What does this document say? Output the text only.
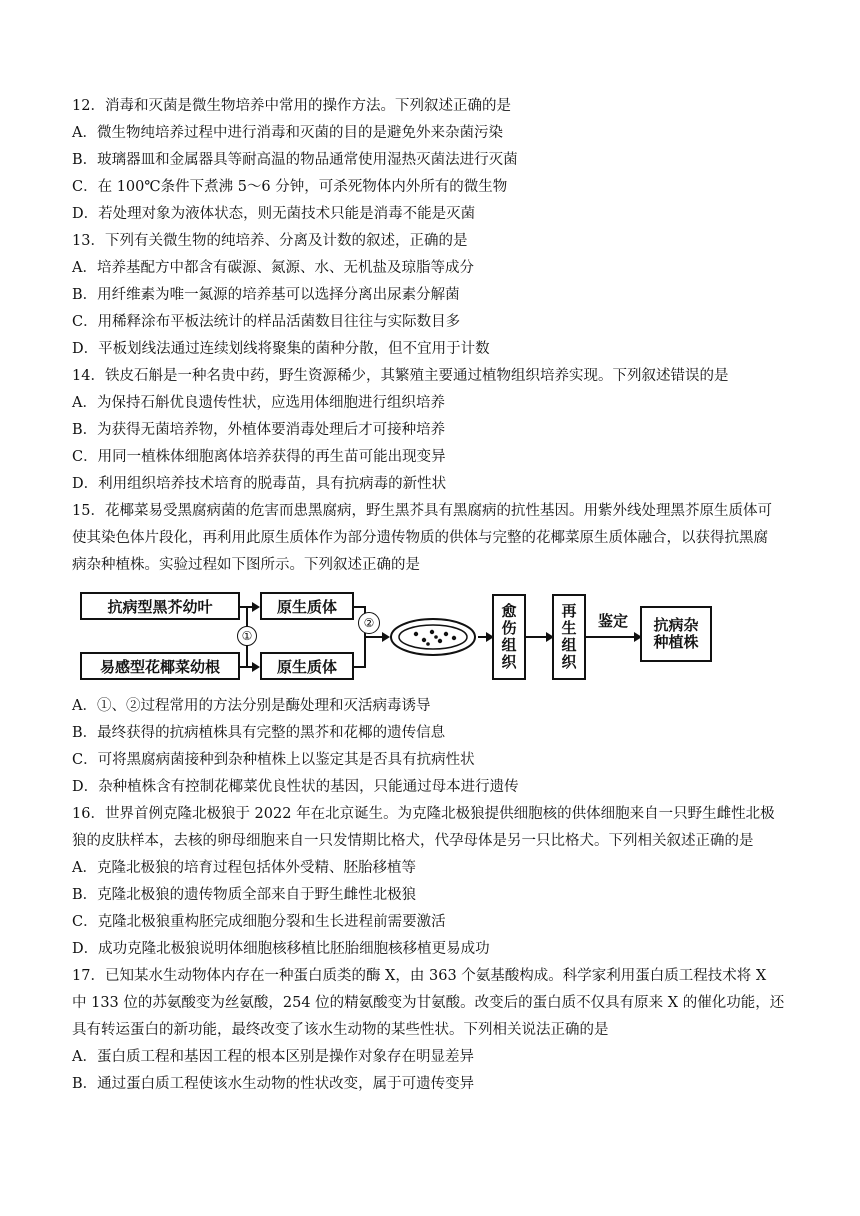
12．消毒和灭菌是微生物培养中常用的操作方法。下列叙述正确的是
A．微生物纯培养过程中进行消毒和灭菌的目的是避免外来杂菌污染
B．玻璃器皿和金属器具等耐高温的物品通常使用湿热灭菌法进行灭菌
C．在 100℃条件下煮沸 5～6 分钟，可杀死物体内外所有的微生物
D．若处理对象为液体状态，则无菌技术只能是消毒不能是灭菌
13．下列有关微生物的纯培养、分离及计数的叙述，正确的是
A．培养基配方中都含有碳源、氮源、水、无机盐及琼脂等成分
B．用纤维素为唯一氮源的培养基可以选择分离出尿素分解菌
C．用稀释涂布平板法统计的样品活菌数目往往与实际数目多
D．平板划线法通过连续划线将聚集的菌种分散，但不宜用于计数
14．铁皮石斛是一种名贵中药，野生资源稀少，其繁殖主要通过植物组织培养实现。下列叙述错误的是
A．为保持石斛优良遗传性状，应选用体细胞进行组织培养
B．为获得无菌培养物，外植体要消毒处理后才可接种培养
C．用同一植株体细胞离体培养获得的再生苗可能出现变异
D．利用组织培养技术培育的脱毒苗，具有抗病毒的新性状
15．花椰菜易受黑腐病菌的危害而患黑腐病，野生黑芥具有黑腐病的抗性基因。用紫外线处理黑芥原生质体可
使其染色体片段化，再利用此原生质体作为部分遗传物质的供体与完整的花椰菜原生质体融合，以获得抗黑腐
病杂种植株。实验过程如下图所示。下列叙述正确的是
抗病型黑芥幼叶
易感型花椰菜幼根
①
原生质体
原生质体
②
愈
伤
组
织
再
生
组
织
鉴定 抗病杂
种植株
A．①、②过程常用的方法分别是酶处理和灭活病毒诱导
B．最终获得的抗病植株具有完整的黑芥和花椰的遗传信息
C．可将黑腐病菌接种到杂种植株上以鉴定其是否具有抗病性状
D．杂种植株含有控制花椰菜优良性状的基因，只能通过母本进行遗传
16．世界首例克隆北极狼于 2022 年在北京诞生。为克隆北极狼提供细胞核的供体细胞来自一只野生雌性北极
狼的皮肤样本，去核的卵母细胞来自一只发情期比格犬，代孕母体是另一只比格犬。下列相关叙述正确的是
A．克隆北极狼的培育过程包括体外受精、胚胎移植等
B．克隆北极狼的遗传物质全部来自于野生雌性北极狼
C．克隆北极狼重构胚完成细胞分裂和生长进程前需要激活
D．成功克隆北极狼说明体细胞核移植比胚胎细胞核移植更易成功
17．已知某水生动物体内存在一种蛋白质类的酶 X，由 363 个氨基酸构成。科学家利用蛋白质工程技术将 X
中 133 位的苏氨酸变为丝氨酸，254 位的精氨酸变为甘氨酸。改变后的蛋白质不仅具有原来 X 的催化功能，还
具有转运蛋白的新功能，最终改变了该水生动物的某些性状。下列相关说法正确的是
A．蛋白质工程和基因工程的根本区别是操作对象存在明显差异
B．通过蛋白质工程使该水生动物的性状改变，属于可遗传变异
